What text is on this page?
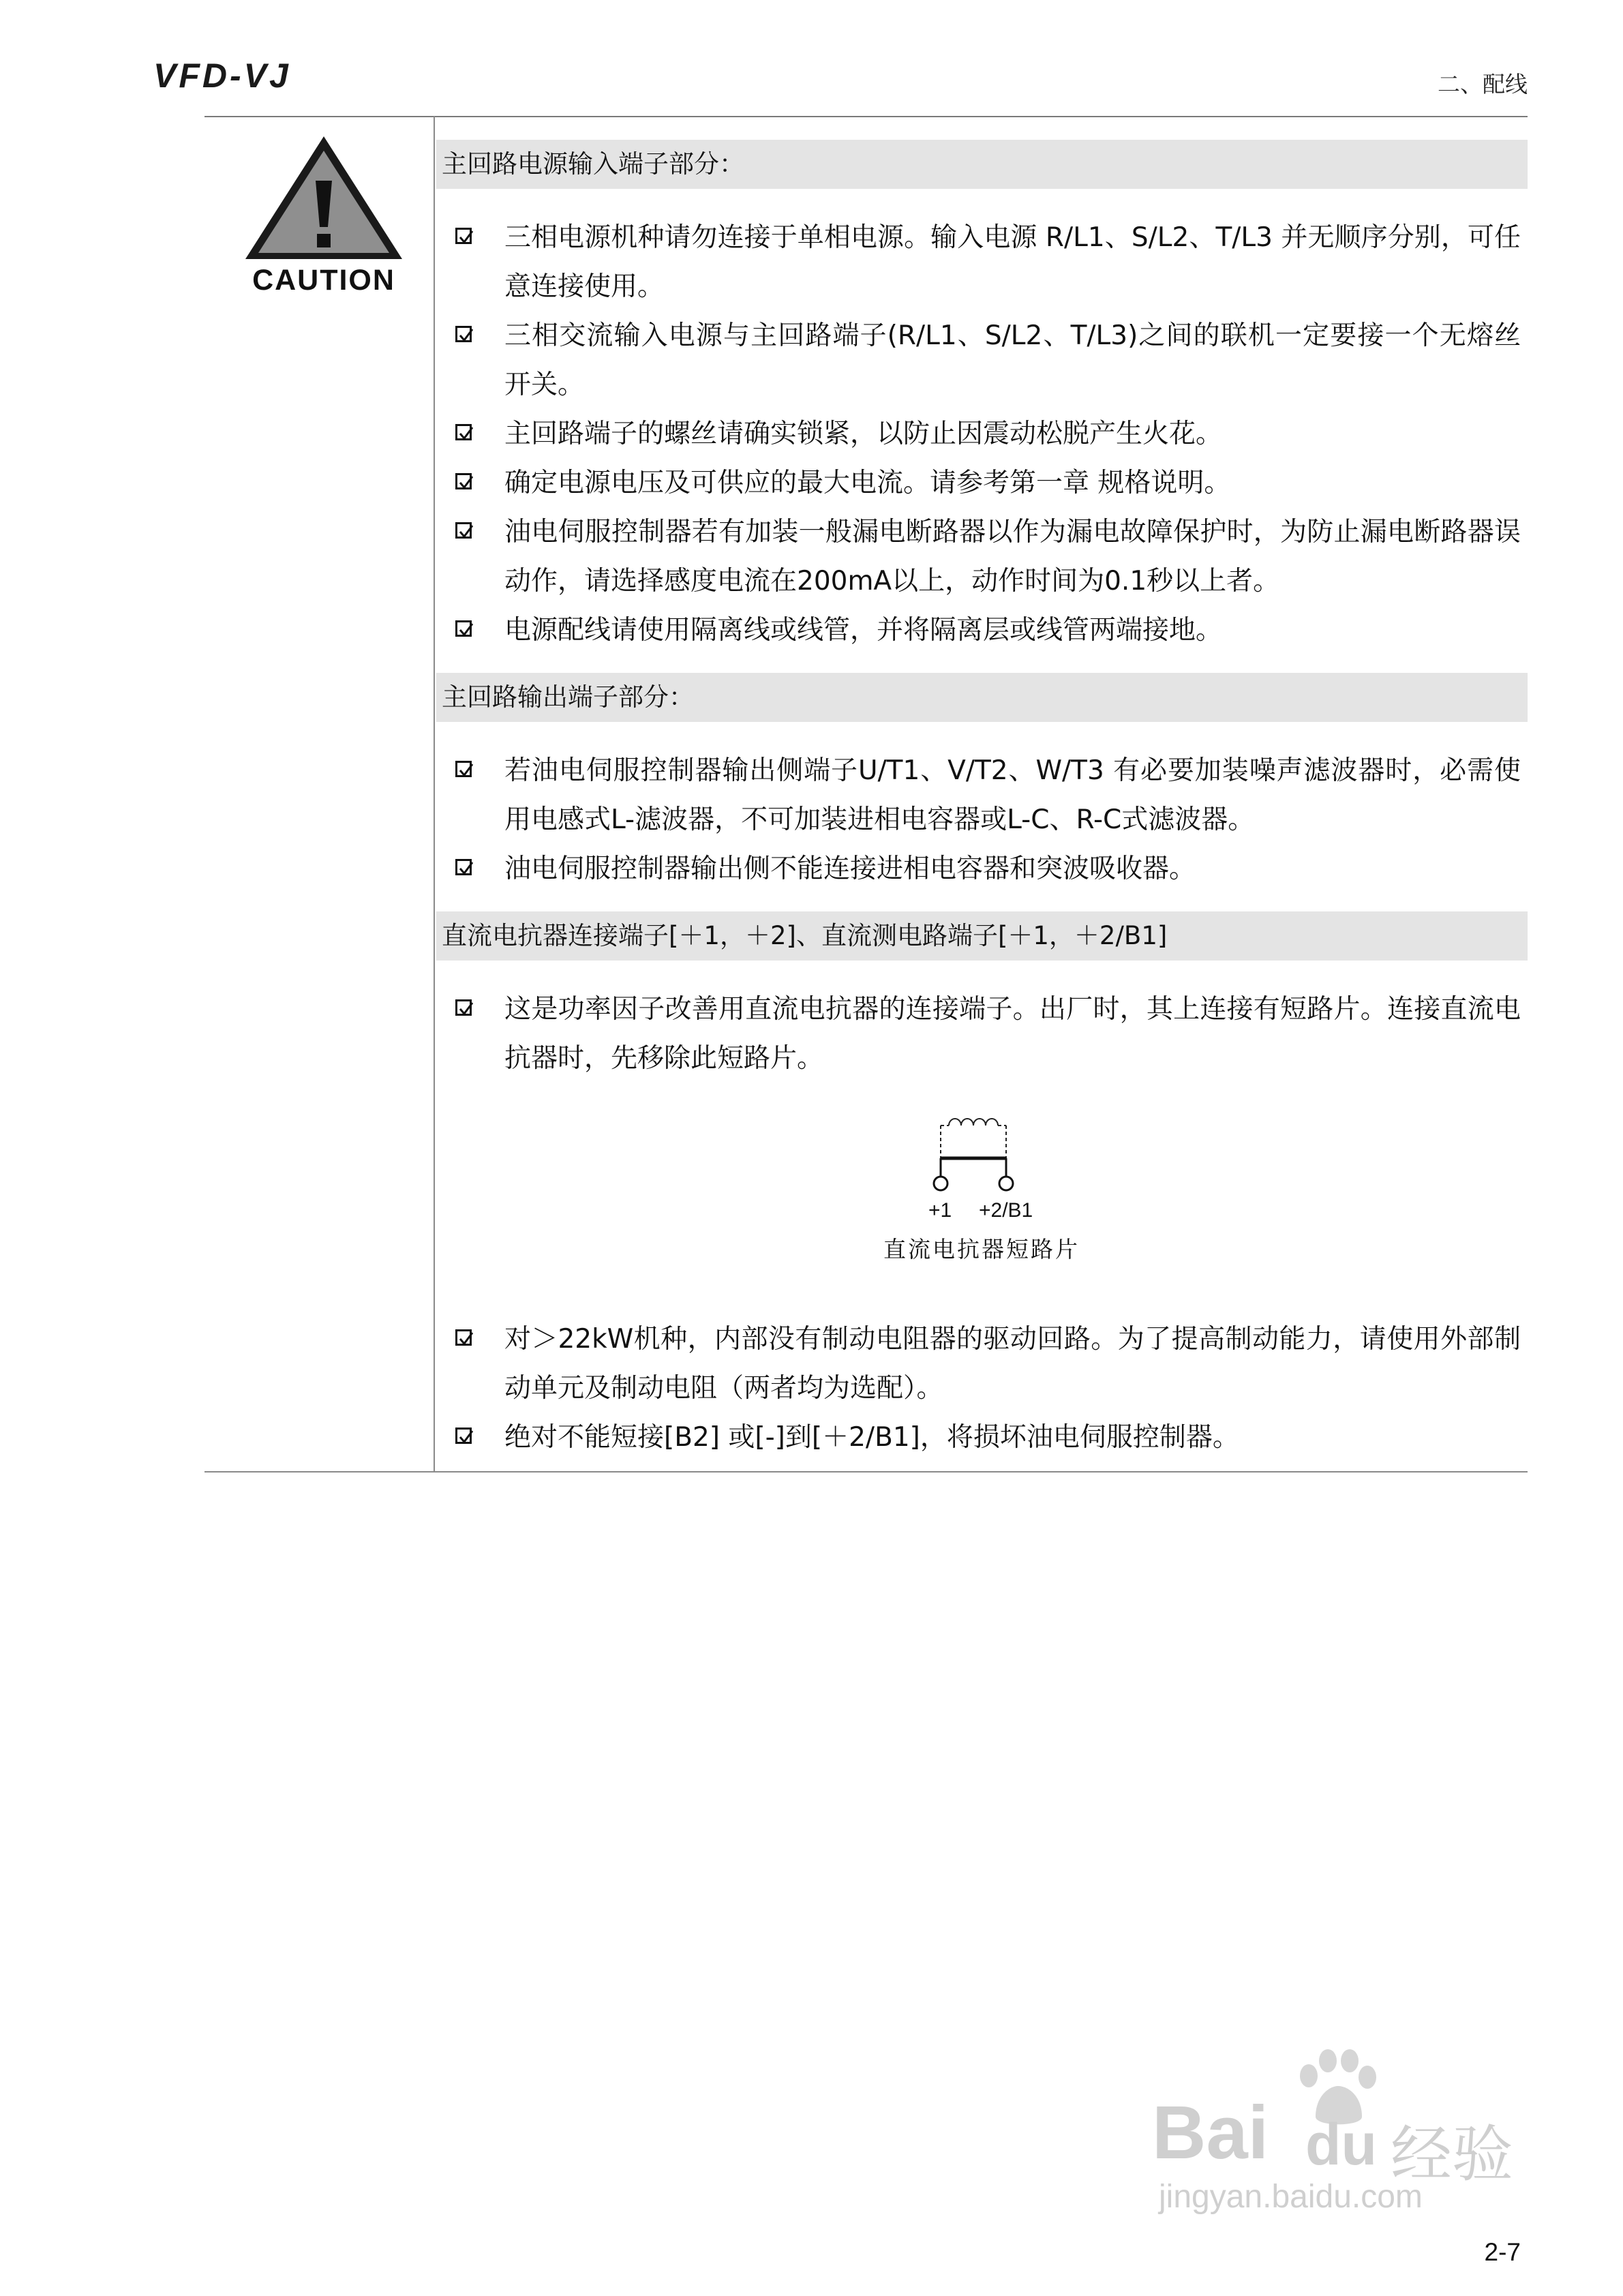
VFD-VJ	二、配线
CAUTION
主回路电源输入端子部分：
三相电源机种请勿连接于单相电源。输入电源 R/L1、S/L2、T/L3 并无顺序分别，可任意连接使用。
三相交流输入电源与主回路端子(R/L1、S/L2、T/L3)之间的联机一定要接一个无熔丝开关。
主回路端子的螺丝请确实锁紧，以防止因震动松脱产生火花。
确定电源电压及可供应的最大电流。请参考第一章 规格说明。
油电伺服控制器若有加装一般漏电断路器以作为漏电故障保护时，为防止漏电断路器误动作，请选择感度电流在200mA以上，动作时间为0.1秒以上者。
电源配线请使用隔离线或线管，并将隔离层或线管两端接地。
主回路输出端子部分：
若油电伺服控制器输出侧端子U/T1、V/T2、W/T3 有必要加装噪声滤波器时，必需使用电感式L-滤波器，不可加装进相电容器或L-C、R-C式滤波器。
油电伺服控制器输出侧不能连接进相电容器和突波吸收器。
直流电抗器连接端子[＋1，＋2]、直流测电路端子[＋1，＋2/B1]
这是功率因子改善用直流电抗器的连接端子。出厂时，其上连接有短路片。连接直流电抗器时，先移除此短路片。
+1 +2/B1
直流电抗器短路片
对＞22kW机种，内部没有制动电阻器的驱动回路。为了提高制动能力，请使用外部制动单元及制动电阻（两者均为选配）。
绝对不能短接[B2] 或[-]到[＋2/B1]，将损坏油电伺服控制器。
Bai du 经验
jingyan.baidu.com
2-7
